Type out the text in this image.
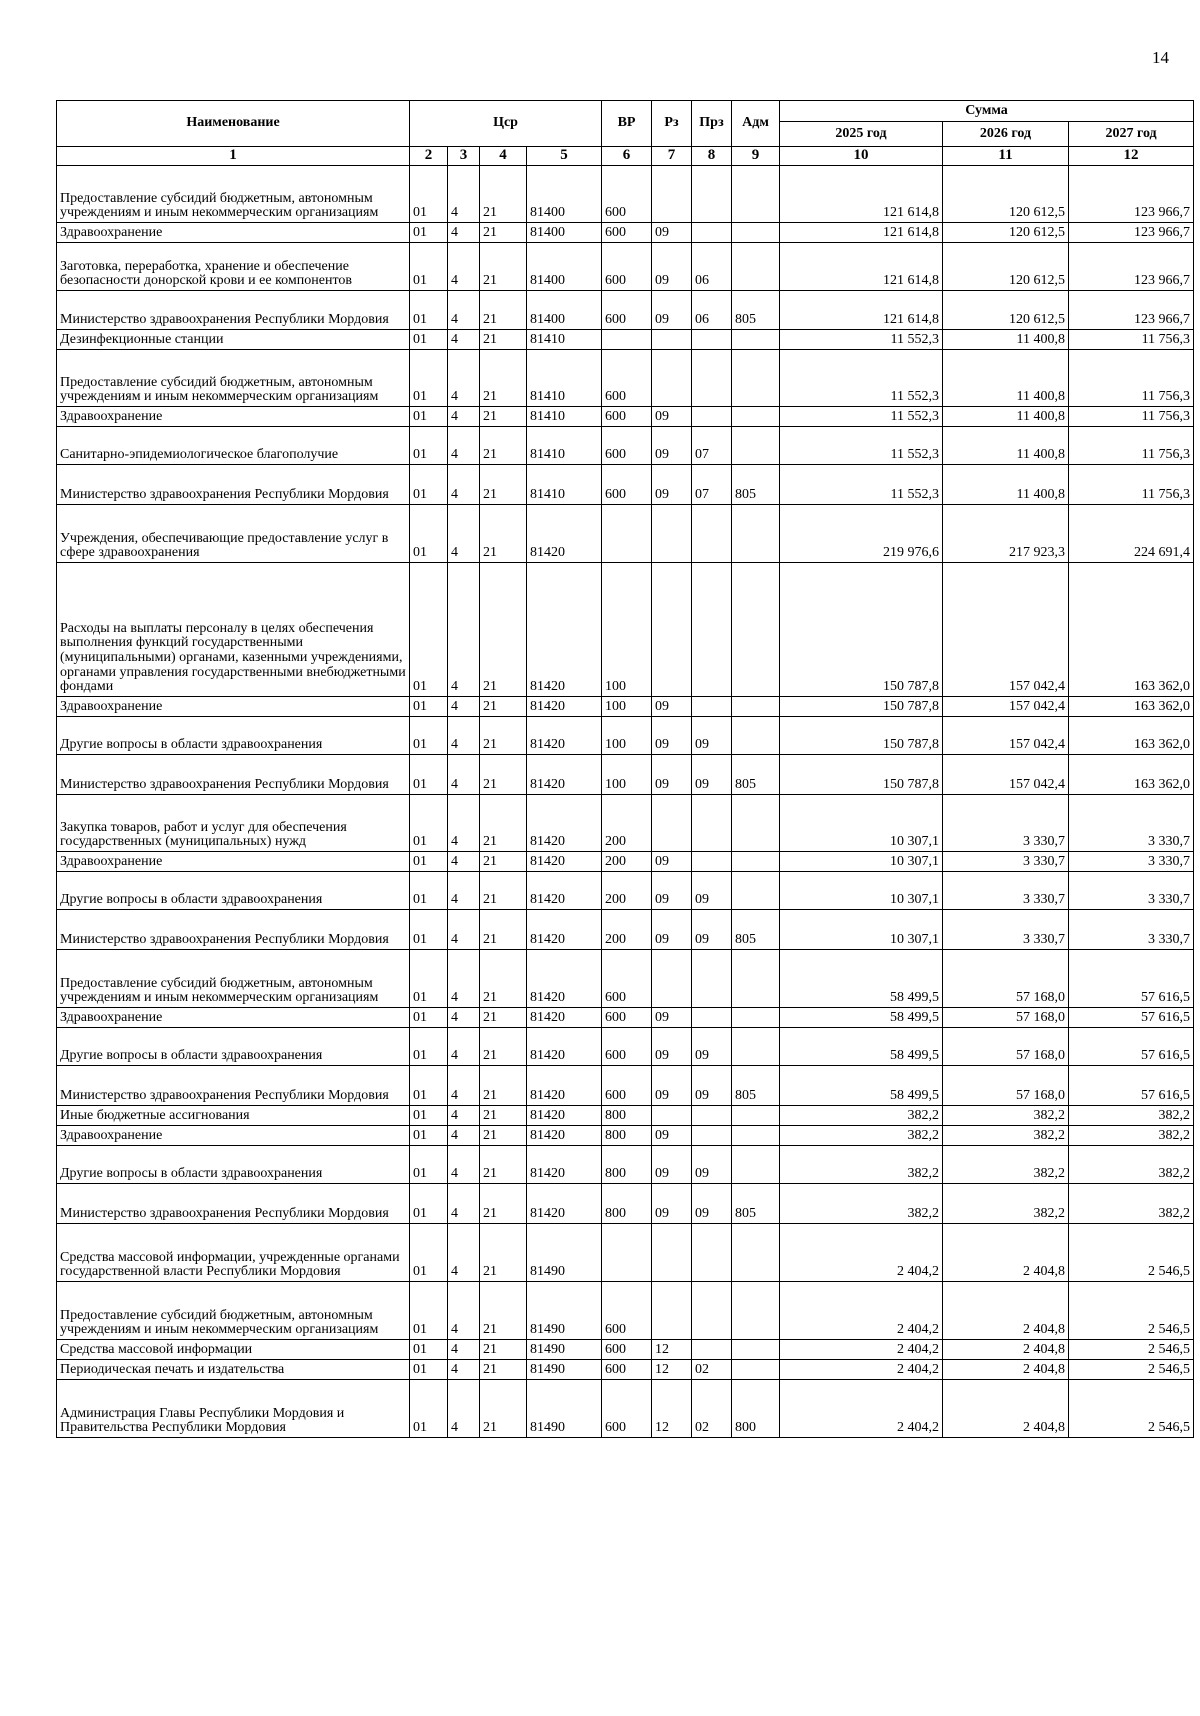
14
Наименование	Цср				ВР	Рз	Прз	Адм	Сумма		
									2025 год	2026 год	2027 год
1	2	3	4	5	6	7	8	9	10	11	12
Предоставление субсидий бюджетным, автономным учреждениям и иным некоммерческим организациям	01	4	21	81400	600				121 614,8	120 612,5	123 966,7
Здравоохранение	01	4	21	81400	600	09			121 614,8	120 612,5	123 966,7
Заготовка, переработка, хранение и обеспечение безопасности донорской крови и ее компонентов	01	4	21	81400	600	09	06		121 614,8	120 612,5	123 966,7
Министерство здравоохранения Республики Мордовия	01	4	21	81400	600	09	06	805	121 614,8	120 612,5	123 966,7
Дезинфекционные станции	01	4	21	81410					11 552,3	11 400,8	11 756,3
Предоставление субсидий бюджетным, автономным учреждениям и иным некоммерческим организациям	01	4	21	81410	600				11 552,3	11 400,8	11 756,3
Здравоохранение	01	4	21	81410	600	09			11 552,3	11 400,8	11 756,3
Санитарно-эпидемиологическое благополучие	01	4	21	81410	600	09	07		11 552,3	11 400,8	11 756,3
Министерство здравоохранения Республики Мордовия	01	4	21	81410	600	09	07	805	11 552,3	11 400,8	11 756,3
Учреждения, обеспечивающие предоставление услуг в сфере здравоохранения	01	4	21	81420					219 976,6	217 923,3	224 691,4
Расходы на выплаты персоналу в целях обеспечения выполнения функций государственными (муниципальными) органами, казенными учреждениями, органами управления государственными внебюджетными фондами	01	4	21	81420	100				150 787,8	157 042,4	163 362,0
Здравоохранение	01	4	21	81420	100	09			150 787,8	157 042,4	163 362,0
Другие вопросы в области здравоохранения	01	4	21	81420	100	09	09		150 787,8	157 042,4	163 362,0
Министерство здравоохранения Республики Мордовия	01	4	21	81420	100	09	09	805	150 787,8	157 042,4	163 362,0
Закупка товаров, работ и услуг для обеспечения государственных (муниципальных) нужд	01	4	21	81420	200				10 307,1	3 330,7	3 330,7
Здравоохранение	01	4	21	81420	200	09			10 307,1	3 330,7	3 330,7
Другие вопросы в области здравоохранения	01	4	21	81420	200	09	09		10 307,1	3 330,7	3 330,7
Министерство здравоохранения Республики Мордовия	01	4	21	81420	200	09	09	805	10 307,1	3 330,7	3 330,7
Предоставление субсидий бюджетным, автономным учреждениям и иным некоммерческим организациям	01	4	21	81420	600				58 499,5	57 168,0	57 616,5
Здравоохранение	01	4	21	81420	600	09			58 499,5	57 168,0	57 616,5
Другие вопросы в области здравоохранения	01	4	21	81420	600	09	09		58 499,5	57 168,0	57 616,5
Министерство здравоохранения Республики Мордовия	01	4	21	81420	600	09	09	805	58 499,5	57 168,0	57 616,5
Иные бюджетные ассигнования	01	4	21	81420	800				382,2	382,2	382,2
Здравоохранение	01	4	21	81420	800	09			382,2	382,2	382,2
Другие вопросы в области здравоохранения	01	4	21	81420	800	09	09		382,2	382,2	382,2
Министерство здравоохранения Республики Мордовия	01	4	21	81420	800	09	09	805	382,2	382,2	382,2
Средства массовой информации, учрежденные органами государственной власти Республики Мордовия	01	4	21	81490					2 404,2	2 404,8	2 546,5
Предоставление субсидий бюджетным, автономным учреждениям и иным некоммерческим организациям	01	4	21	81490	600				2 404,2	2 404,8	2 546,5
Средства массовой информации	01	4	21	81490	600	12			2 404,2	2 404,8	2 546,5
Периодическая печать и издательства	01	4	21	81490	600	12	02		2 404,2	2 404,8	2 546,5
Администрация Главы Республики Мордовия и Правительства Республики Мордовия	01	4	21	81490	600	12	02	800	2 404,2	2 404,8	2 546,5
